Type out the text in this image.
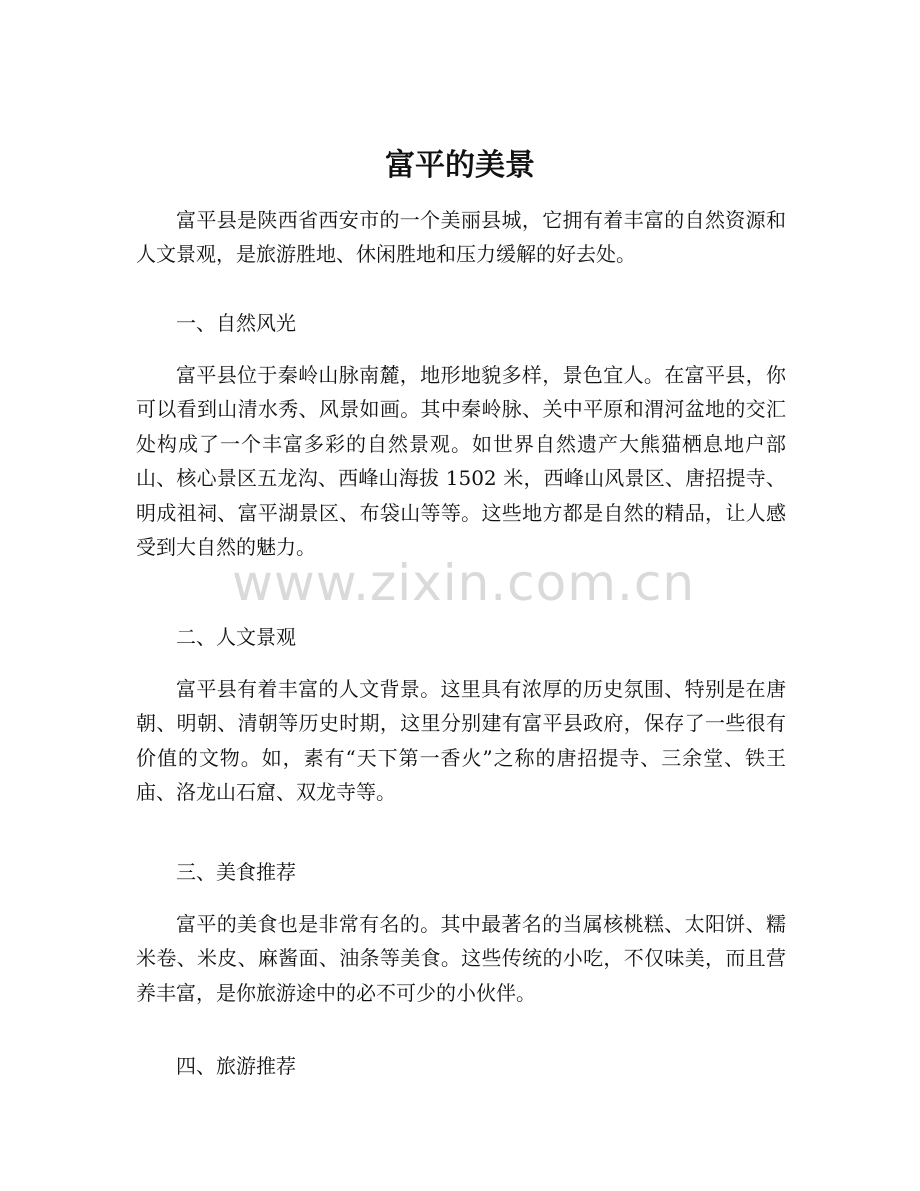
www.zixin.com.cn
富平的美景

富平县是陕西省西安市的一个美丽县城，它拥有着丰富的自然资源和人文景观，是旅游胜地、休闲胜地和压力缓解的好去处。

一、自然风光

富平县位于秦岭山脉南麓，地形地貌多样，景色宜人。在富平县，你可以看到山清水秀、风景如画。其中秦岭脉、关中平原和渭河盆地的交汇处构成了一个丰富多彩的自然景观。如世界自然遗产大熊猫栖息地户部山、核心景区五龙沟、西峰山海拔 1502 米，西峰山风景区、唐招提寺、明成祖祠、富平湖景区、布袋山等等。这些地方都是自然的精品，让人感受到大自然的魅力。

二、人文景观

富平县有着丰富的人文背景。这里具有浓厚的历史氛围、特别是在唐朝、明朝、清朝等历史时期，这里分别建有富平县政府，保存了一些很有价值的文物。如，素有“天下第一香火”之称的唐招提寺、三余堂、铁王庙、洛龙山石窟、双龙寺等。

三、美食推荐

富平的美食也是非常有名的。其中最著名的当属核桃糕、太阳饼、糯米卷、米皮、麻酱面、油条等美食。这些传统的小吃，不仅味美，而且营养丰富，是你旅游途中的必不可少的小伙伴。

四、旅游推荐
